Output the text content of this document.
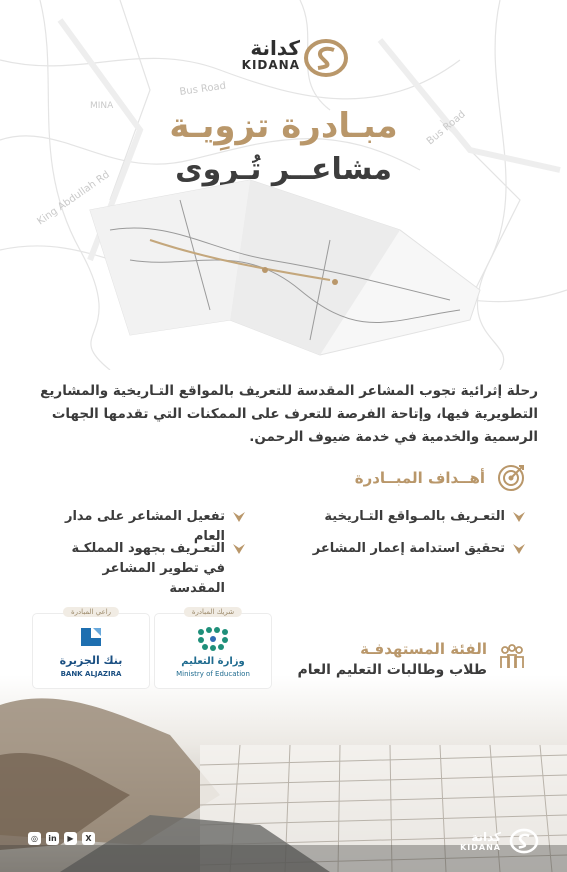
Bus Road
King Abdullah Rd
MINA
Bus Road
كدانة
KIDANA
مبـادرة تزوِيـة
مشاعــر تُـروى
رحلة إثرائية تجوب المشاعر المقدسة للتعريف بالمواقع التـاريخية والمشاريع التطويرية فيها، وإتاحة الفرصة للتعرف على الممكنات التي تقدمها الجهات الرسمية والخدمية في خدمة ضيوف الرحمن.
أهــداف المبــادرة
التعـريف بالمـواقع التـاريخية
تحقيق استدامة إعمار المشاعر
تفعيل المشاعر على مدار العام
التعـريف بجهود المملكـة في تطوير المشاعر المقدسة
شريك المبادرة
وزارة التعليم
Ministry of Education
راعي المبادرة
بنك الجزيرة
BANK ALJAZIRA
الفئة المستهدفـة
طلاب وطالبات التعليم العام
◎	in	▶	X	كدانة
KIDANA
